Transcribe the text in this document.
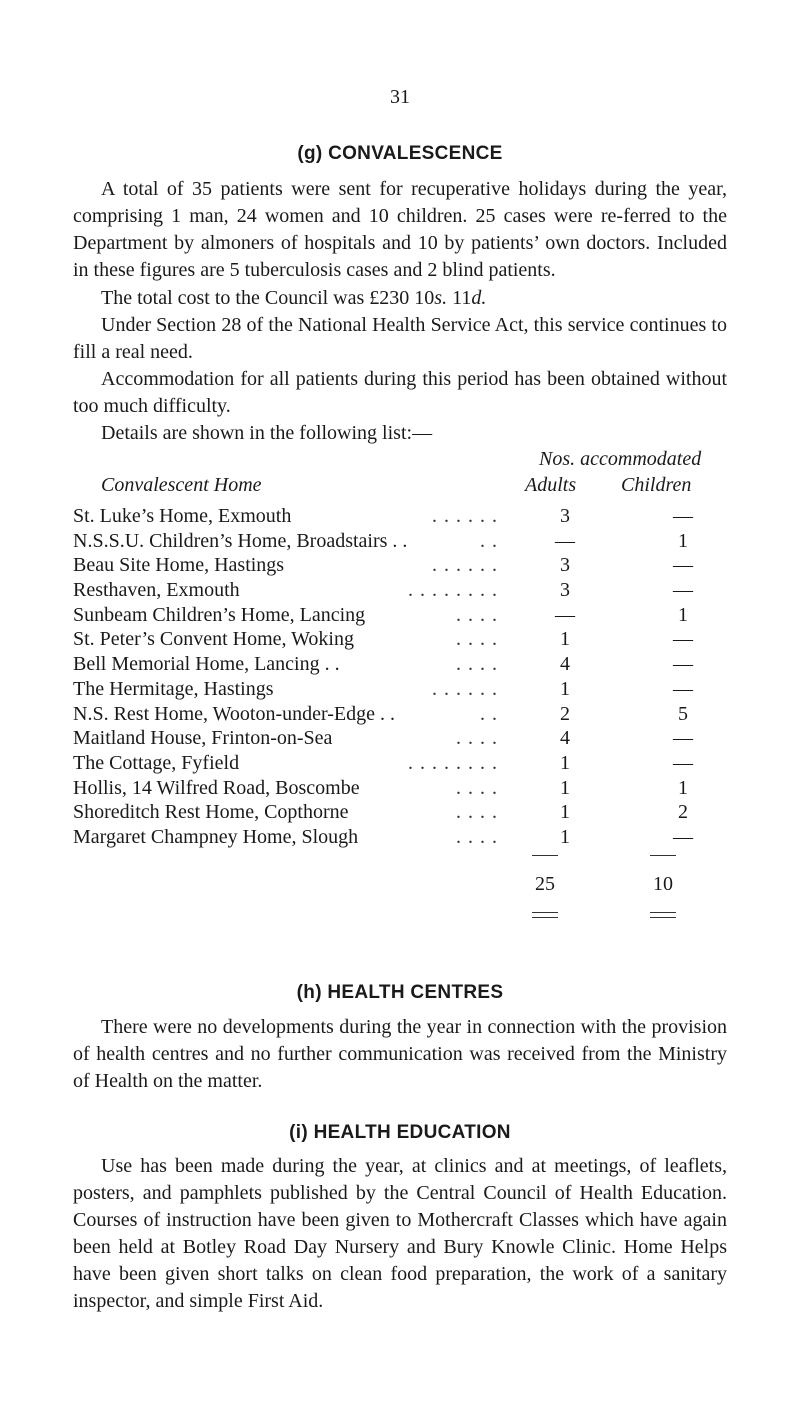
31
(g) CONVALESCENCE

A total of 35 patients were sent for recuperative holidays during the year, comprising 1 man, 24 women and 10 children. 25 cases were re-ferred to the Department by almoners of hospitals and 10 by patients’ own doctors. Included in these figures are 5 tuberculosis cases and 2 blind patients.

The total cost to the Council was £230 10s. 11d.

Under Section 28 of the National Health Service Act, this service continues to fill a real need.

Accommodation for all patients during this period has been obtained without too much difficulty.

Details are shown in the following list:—

Nos. accommodated
Convalescent Home	Adults Children
St. Luke’s Home, Exmouth	. . . . . .	3	—
N.S.S.U. Children’s Home, Broadstairs . .	. .	—	1
Beau Site Home, Hastings	. . . . . .	3	—
Resthaven, Exmouth	. . . . . . . .	3	—
Sunbeam Children’s Home, Lancing	. . . .	—	1
St. Peter’s Convent Home, Woking	. . . .	1	—
Bell Memorial Home, Lancing . .	. . . .	4	—
The Hermitage, Hastings	. . . . . .	1	—
N.S. Rest Home, Wooton-under-Edge . .	. .	2	5
Maitland House, Frinton-on-Sea	. . . .	4	—
The Cottage, Fyfield	. . . . . . . .	1	—
Hollis, 14 Wilfred Road, Boscombe	. . . .	1	1
Shoreditch Rest Home, Copthorne	. . . .	1	2
Margaret Champney Home, Slough	. . . .	1	—
25	10
(h) HEALTH CENTRES

There were no developments during the year in connection with the provision of health centres and no further communication was received from the Ministry of Health on the matter.

(i) HEALTH EDUCATION

Use has been made during the year, at clinics and at meetings, of leaflets, posters, and pamphlets published by the Central Council of Health Education. Courses of instruction have been given to Mothercraft Classes which have again been held at Botley Road Day Nursery and Bury Knowle Clinic. Home Helps have been given short talks on clean food preparation, the work of a sanitary inspector, and simple First Aid.
